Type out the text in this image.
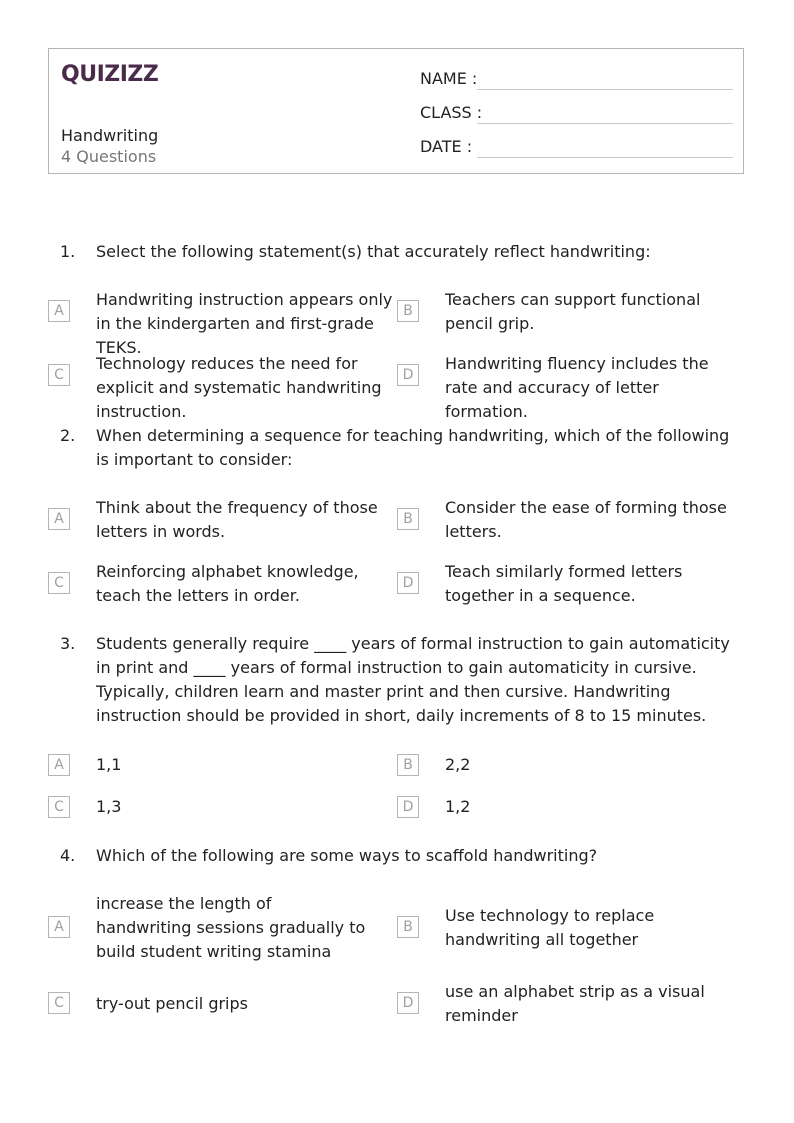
QUIZIZZ
Handwriting
4 Questions
NAME :
CLASS :
DATE :
1. Select the following statement(s) that accurately reflect handwriting:
A
Handwriting instruction appears only in the kindergarten and first-grade TEKS.
B
Teachers can support functional pencil grip.
C
Technology reduces the need for explicit and systematic handwriting instruction.
D
Handwriting fluency includes the rate and accuracy of letter formation.
2. When determining a sequence for teaching handwriting, which of the following is important to consider:
A
Think about the frequency of those letters in words.
B
Consider the ease of forming those letters.
C
Reinforcing alphabet knowledge, teach the letters in order.
D
Teach similarly formed letters together in a sequence.
3. Students generally require ____ years of formal instruction to gain automaticity in print and ____ years of formal instruction to gain automaticity in cursive. Typically, children learn and master print and then cursive. Handwriting instruction should be provided in short, daily increments of 8 to 15 minutes.
A	1,1	B	2,2
C	1,3	D	1,2
4. Which of the following are some ways to scaffold handwriting?
A
increase the length of handwriting sessions gradually to build student writing stamina
B
Use technology to replace handwriting all together
C	try-out pencil grips	D
use an alphabet strip as a visual reminder
